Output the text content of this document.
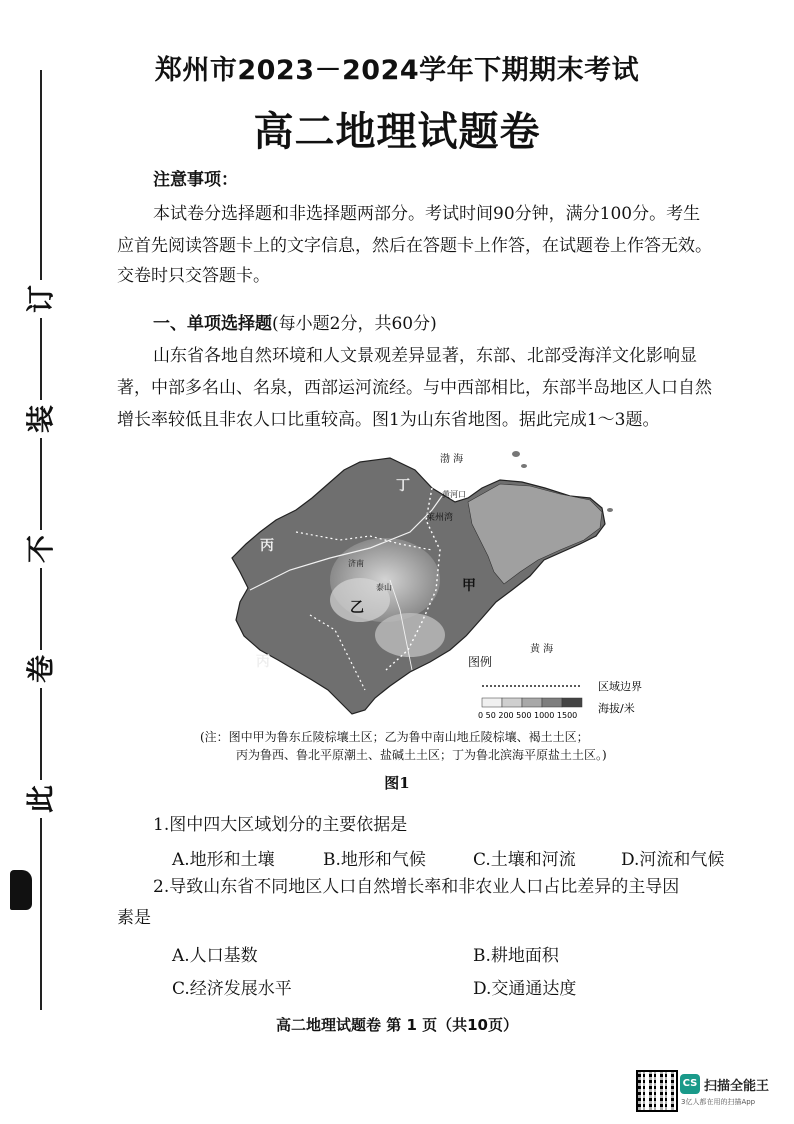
订
装
不
卷
此
郑州市2023－2024学年下期期末考试
高二地理试题卷
注意事项：
本试卷分选择题和非选择题两部分。考试时间90分钟，满分100分。考生
应首先阅读答题卡上的文字信息，然后在答题卡上作答，在试题卷上作答无效。
交卷时只交答题卡。
一、单项选择题(每小题2分，共60分)
山东省各地自然环境和人文景观差异显著，东部、北部受海洋文化影响显
著，中部多名山、名泉，西部运河流经。与中西部相比，东部半岛地区人口自然
增长率较低且非农人口比重较高。图1为山东省地图。据此完成1～3题。
渤 海
黄河口
莱州湾
黄 海
甲
乙
丙
丙
丁
济南
泰山
图例
区域边界
0 50 200 500 1000 1500
海拔/米
(注：图中甲为鲁东丘陵棕壤土区；乙为鲁中南山地丘陵棕壤、褐土土区；
丙为鲁西、鲁北平原潮土、盐碱土土区；丁为鲁北滨海平原盐土土区。)
图1
1.图中四大区域划分的主要依据是
A.地形和土壤	B.地形和气候	C.土壤和河流	D.河流和气候
2.导致山东省不同地区人口自然增长率和非农业人口占比差异的主导因
素是
A.人口基数	B.耕地面积
C.经济发展水平	D.交通通达度
高二地理试题卷 第 1 页（共10页）
CS 扫描全能王
3亿人都在用的扫描App
